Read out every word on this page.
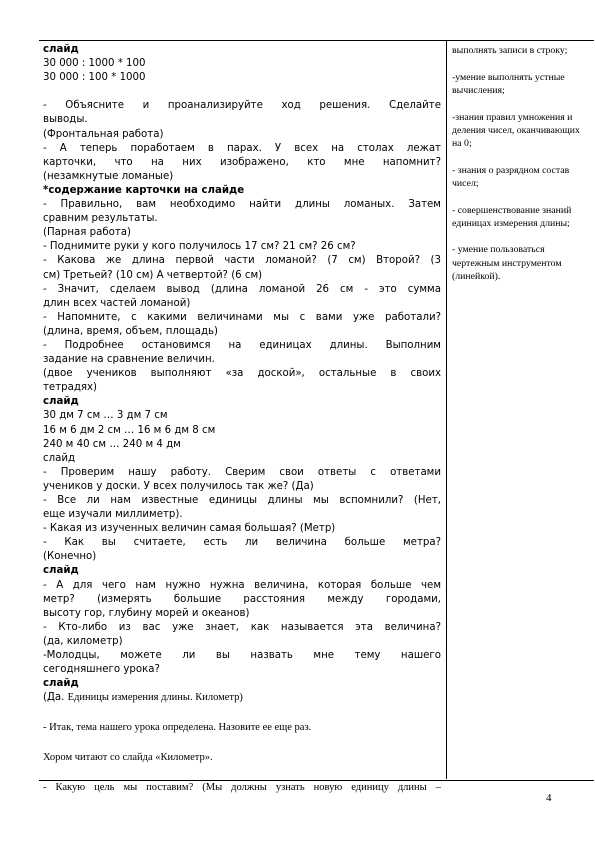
слайд
30 000 : 1000 * 100
30 000 : 100 * 1000
- Объясните и проанализируйте ход решения. Сделайте
выводы.
(Фронтальная работа)
- А теперь поработаем в парах. У всех на столах лежат
карточки, что на них изображено, кто мне напомнит?
(незамкнутые ломаные)
*содержание карточки на слайде
- Правильно, вам необходимо найти длины ломаных. Затем
сравним результаты.
(Парная работа)
- Поднимите руки у кого получилось 17 см? 21 см? 26 см?
- Какова же длина первой части ломаной? (7 см) Второй? (3
см) Третьей? (10 см) А четвертой? (6 см)
- Значит, сделаем вывод (длина ломаной 26 см - это сумма
длин всех частей ломаной)
- Напомните, с какими величинами мы с вами уже работали?
(длина, время, объем, площадь)
- Подробнее остановимся на единицах длины. Выполним
задание на сравнение величин.
(двое учеников выполняют «за доской», остальные в своих
тетрадях)
слайд
30 дм 7 см … 3 дм 7 см
16 м 6 дм 2 см … 16 м 6 дм 8 см
240 м 40 см … 240 м 4 дм
слайд
- Проверим нашу работу. Сверим свои ответы с ответами
учеников у доски. У всех получилось так же? (Да)
- Все ли нам известные единицы длины мы вспомнили? (Нет,
еще изучали миллиметр).
- Какая из изученных величин самая большая? (Метр)
- Как вы считаете, есть ли величина больше метра?
(Конечно)
слайд
- А для чего нам нужно нужна величина, которая больше чем
метр? (измерять большие расстояния между городами,
высоту гор, глубину морей и океанов)
- Кто-либо из вас уже знает, как называется эта величина?
(да, километр)
-Молодцы, можете ли вы назвать мне тему нашего
сегодняшнего урока?
слайд
(Да. Единицы измерения длины. Километр)
- Итак, тема нашего урока определена. Назовите ее еще раз.
Хором читают со слайда «Километр».
- Какую цель мы поставим? (Мы должны узнать новую единицу длины –
выполнять записи в строку;
-умение выполнять устные
вычисления;
-знания правил умножения и
деления чисел, оканчивающих
на 0;
- знания о разрядном состав
чисел;
- совершенствование знаний
единицах измерения длины;
- умение пользоваться
чертежным инструментом
(линейкой).
4
